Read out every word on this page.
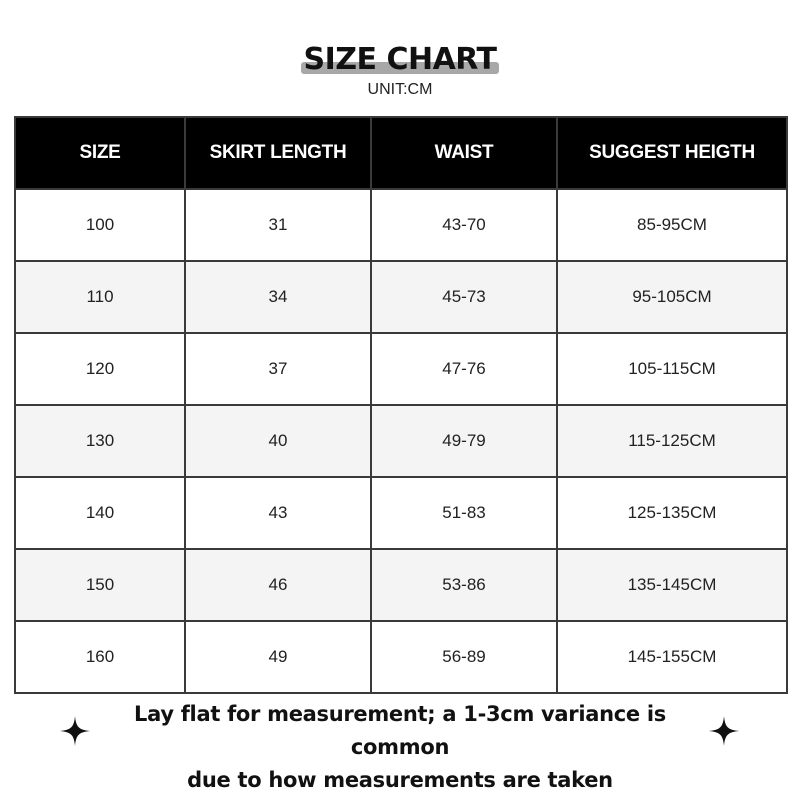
SIZE CHART
UNIT:CM
SIZE	SKIRT LENGTH	WAIST	SUGGEST HEIGTH
100	31	43-70	85-95CM
110	34	45-73	95-105CM
120	37	47-76	105-115CM
130	40	49-79	115-125CM
140	43	51-83	125-135CM
150	46	53-86	135-145CM
160	49	56-89	145-155CM

Lay flat for measurement; a 1-3cm variance is common
due to how measurements are taken
